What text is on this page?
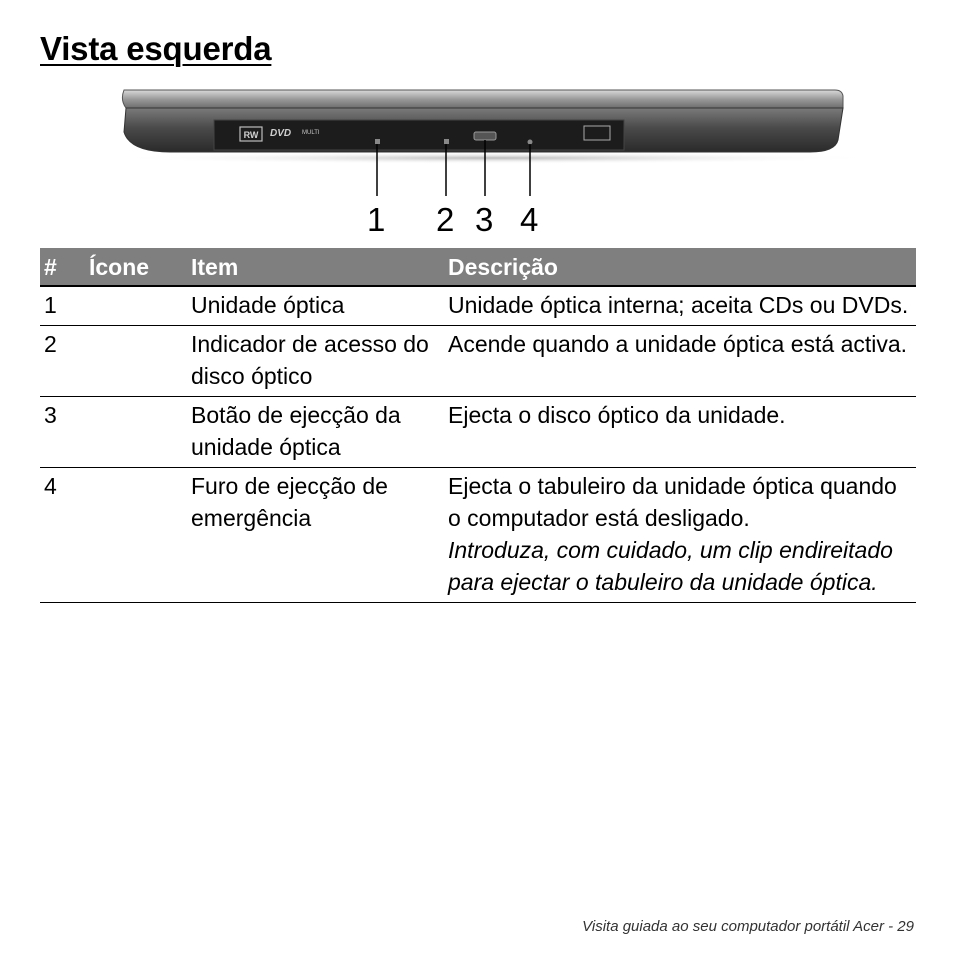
Vista esquerda
RW DVD MULTI
1 2 3 4
#	Ícone	Item	Descrição
1		Unidade óptica	Unidade óptica interna; aceita CDs ou DVDs.
2		Indicador de acesso do disco óptico	Acende quando a unidade óptica está activa.
3		Botão de ejecção da unidade óptica	Ejecta o disco óptico da unidade.
4		Furo de ejecção de emergência	Ejecta o tabuleiro da unidade óptica quando o computador está desligado.
Introduza, com cuidado, um clip endireitado para ejectar o tabuleiro da unidade óptica.
Visita guiada ao seu computador portátil Acer - 29
